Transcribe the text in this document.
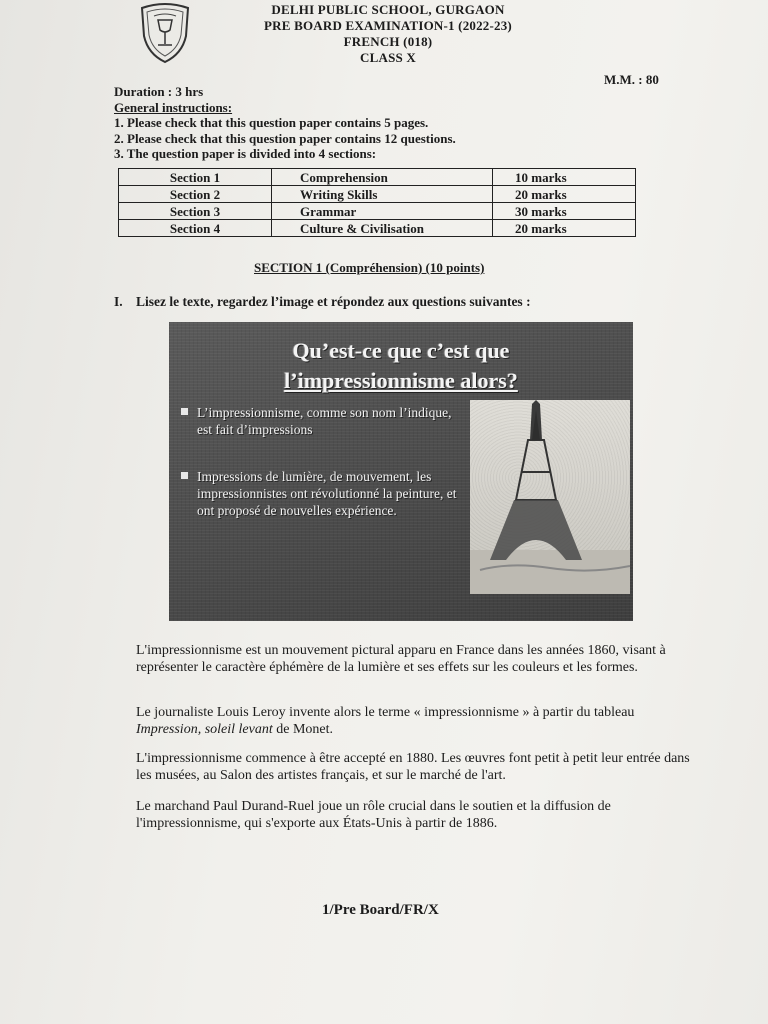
DELHI PUBLIC SCHOOL, GURGAON
PRE BOARD EXAMINATION-1 (2022-23)
FRENCH (018)
CLASS X
M.M. : 80
Duration : 3 hrs
General instructions:
1. Please check that this question paper contains 5 pages.
2. Please check that this question paper contains 12 questions.
3. The question paper is divided into 4 sections:
Section 1	Comprehension	10 marks
Section 2	Writing Skills	20 marks
Section 3	Grammar	30 marks
Section 4	Culture & Civilisation	20 marks
SECTION 1 (Compréhension) (10 points)
I. Lisez le texte, regardez l’image et répondez aux questions suivantes :
Qu’est-ce que c’est que
l’impressionnisme alors?
L’impressionnisme, comme son nom l’indique, est fait d’impressions
Impressions de lumière, de mouvement, les impressionnistes ont révolutionné la peinture, et ont proposé de nouvelles expérience.
L'impressionnisme est un mouvement pictural apparu en France dans les années 1860, visant à représenter le caractère éphémère de la lumière et ses effets sur les couleurs et les formes.
Le journaliste Louis Leroy invente alors le terme « impressionnisme » à partir du tableau Impression, soleil levant de Monet.
L'impressionnisme commence à être accepté en 1880. Les œuvres font petit à petit leur entrée dans les musées, au Salon des artistes français, et sur le marché de l'art.
Le marchand Paul Durand-Ruel joue un rôle crucial dans le soutien et la diffusion de l'impressionnisme, qui s'exporte aux États-Unis à partir de 1886.
1/Pre Board/FR/X
